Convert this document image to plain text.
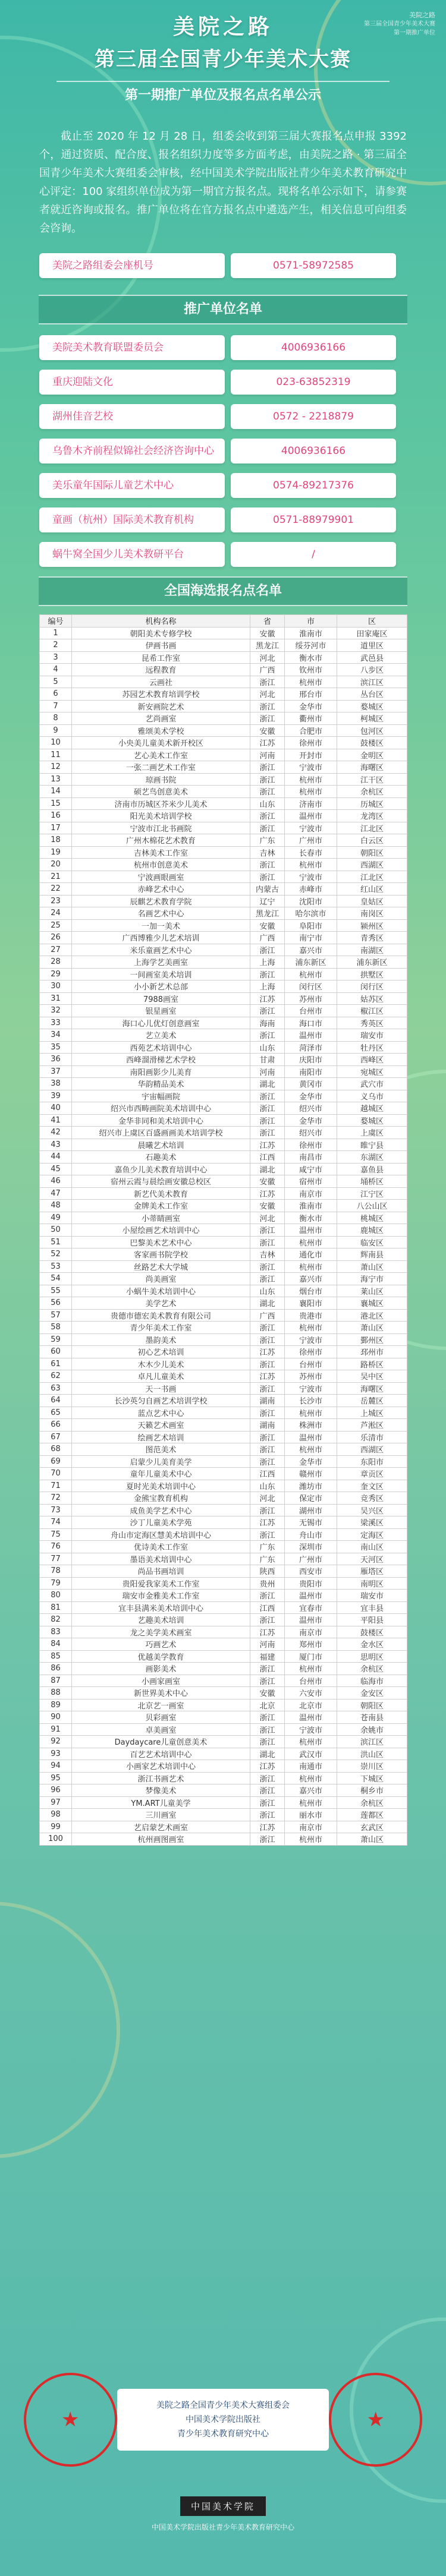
美院之路
第三届全国青少年美术大赛
第一期推广单位
美院之路
第三届全国青少年美术大赛
第一期推广单位及报名点名单公示
截止至 2020 年 12 月 28 日，组委会收到第三届大赛报名点申报 3392 个，通过资质、配合度、报名组织力度等多方面考虑，由美院之路 · 第三届全国青少年美术大赛组委会审核，经中国美术学院出版社青少年美术教育研究中心评定：100 家组织单位成为第一期官方报名点。现将名单公示如下，请参赛者就近咨询或报名。推广单位将在官方报名点中遴选产生，相关信息可向组委会咨询。
美院之路组委会座机号	0571-58972585
推广单位名单
美院美术教育联盟委员会	4006936166
重庆迎陆文化	023-63852319
湖州佳音艺校	0572 - 2218879
乌鲁木齐前程似锦社会经济咨询中心	4006936166
美乐童年国际儿童艺术中心	0574-89217376
童画（杭州）国际美术教育机构	0571-88979901
蜗牛窝全国少儿美术教研平台	/
全国海选报名点名单
编号	机构名称	省	市	区
1	朝阳美术专修学校	安徽	淮南市	田家庵区
2	伊画书画	黑龙江	绥芬河市	道里区
3	昆希工作室	河北	衡水市	武邑县
4	远程教育	广西	钦州市	八步区
5	云画社	浙江	杭州市	滨江区
6	苏园艺术教育培训学校	河北	邢台市	丛台区
7	新安画院艺术	浙江	金华市	婺城区
8	艺尚画室	浙江	衢州市	柯城区
9	雅颂美术学校	安徽	合肥市	包河区
10	小央美儿童美术新开校区	江苏	徐州市	鼓楼区
11	艺心美术工作室	河南	开封市	金明区
12	一张二画艺术工作室	浙江	宁波市	海曙区
13	琼画书院	浙江	杭州市	江干区
14	硕艺鸟创意美术	浙江	杭州市	余杭区
15	济南市历城区芥米少儿美术	山东	济南市	历城区
16	阳光美术培训学校	浙江	温州市	龙湾区
17	宁波市江北书画院	浙江	宁波市	江北区
18	广州木棉花艺术教育	广东	广州市	白云区
19	吉林美术工作室	吉林	长春市	朝阳区
20	杭州市创意美术	浙江	杭州市	西湖区
21	宁波画眼画室	浙江	宁波市	江北区
22	赤峰艺术中心	内蒙古	赤峰市	红山区
23	辰麒艺术教育学院	辽宁	沈阳市	皇姑区
24	名画艺术中心	黑龙江	哈尔滨市	南岗区
25	一加一美术	安徽	阜阳市	颍州区
26	广西博雅少儿艺术培训	广西	南宁市	青秀区
27	米乐童画艺术中心	浙江	嘉兴市	南湖区
28	上海学艺美画室	上海	浦东新区	浦东新区
29	一间画室美术培训	浙江	杭州市	拱墅区
30	小小新艺术总部	上海	闵行区	闵行区
31	7988画室	江苏	苏州市	姑苏区
32	银星画室	浙江	台州市	椒江区
33	海口心儿优灯创意画室	海南	海口市	秀英区
34	艺立美术	浙江	温州市	瑞安市
35	西苑艺术培训中心	山东	菏泽市	牡丹区
36	西峰溜滑梯艺术学校	甘肃	庆阳市	西峰区
37	南阳画影少儿美育	河南	南阳市	宛城区
38	华韵精品美术	湖北	黄冈市	武穴市
39	宇宙幅画院	浙江	金华市	义乌市
40	绍兴市西畴画院美术培训中心	浙江	绍兴市	越城区
41	金华非同和美术培训中心	浙江	金华市	婺城区
42	绍兴市上虞区百盛画画美术培训学校	浙江	绍兴市	上虞区
43	晨曦艺术培训	江苏	徐州市	睢宁县
44	石趣美术	江西	南昌市	东湖区
45	嘉鱼少儿美术教育培训中心	湖北	咸宁市	嘉鱼县
46	宿州云霞与晨绘画安徽总校区	安徽	宿州市	埇桥区
47	新艺代美术教育	江苏	南京市	江宁区
48	金牌美术工作室	安徽	淮南市	八公山区
49	小蒂睛画室	河北	衡水市	桃城区
50	小屋绘画艺术培训中心	浙江	温州市	鹿城区
51	巴黎美术艺术中心	浙江	杭州市	临安区
52	客家画书院学校	吉林	通化市	辉南县
53	丝路艺术大学城	浙江	杭州市	萧山区
54	尚美画室	浙江	嘉兴市	海宁市
55	小蜗牛美术培训中心	山东	烟台市	莱山区
56	美学艺术	湖北	襄阳市	襄城区
57	贵德市德宏美术教育有限公司	广西	贵港市	港北区
58	青少年美术工作室	浙江	杭州市	萧山区
59	墨韵美术	浙江	宁波市	鄞州区
60	初心艺术培训	江苏	徐州市	邳州市
61	木木少儿美术	浙江	台州市	路桥区
62	卓凡儿童美术	江苏	苏州市	吴中区
63	天一书画	浙江	宁波市	海曙区
64	长沙英匀自画艺术培训学校	湖南	长沙市	岳麓区
65	蓝点艺术中心	浙江	杭州市	上城区
66	天籁艺术画室	湖南	株洲市	芦淞区
67	绘画艺术培训	浙江	温州市	乐清市
68	图范美术	浙江	杭州市	西湖区
69	启蒙少儿美育美学	浙江	金华市	东阳市
70	童年儿童美术中心	江西	赣州市	章贡区
71	夏时光美术培训中心	山东	潍坊市	奎文区
72	金熊宝教育机构	河北	保定市	竞秀区
73	成鱼美学艺术中心	浙江	湖州市	吴兴区
74	沙丁儿童美术学苑	江苏	无锡市	梁溪区
75	舟山市定海区慧美术培训中心	浙江	舟山市	定海区
76	优诗美术工作室	广东	深圳市	南山区
77	墨语美术培训中心	广东	广州市	天河区
78	尚品书画培训	陕西	西安市	雁塔区
79	贵阳爱我家美术工作室	贵州	贵阳市	南明区
80	瑞安市金雅美术工作室	浙江	温州市	瑞安市
81	宜丰县满米美术培训中心	江西	宜春市	宜丰县
82	艺趣美术培训	浙江	温州市	平阳县
83	龙之美学美术画室	江苏	南京市	鼓楼区
84	巧画艺术	河南	郑州市	金水区
85	优越美学教育	福建	厦门市	思明区
86	画影美术	浙江	杭州市	余杭区
87	小画家画室	浙江	台州市	临海市
88	新世界美术中心	安徽	六安市	金安区
89	北京艺一画室	北京	北京市	朝阳区
90	贝彩画室	浙江	温州市	苍南县
91	卓美画室	浙江	宁波市	余姚市
92	Daydaycare儿童创意美术	浙江	杭州市	滨江区
93	百艺艺术培训中心	湖北	武汉市	洪山区
94	小画家艺术培训中心	江苏	南通市	崇川区
95	浙江书画艺术	浙江	杭州市	下城区
96	梦像美术	浙江	嘉兴市	桐乡市
97	YM.ART儿童美学	浙江	杭州市	余杭区
98	三川画室	浙江	丽水市	莲都区
99	艺启蒙艺术画室	江苏	南京市	玄武区
100	杭州画图画室	浙江	杭州市	萧山区
★
美院之路全国青少年美术大赛组委会
中国美术学院出版社
青少年美术教育研究中心
★
中国美术学院
中国美术学院出版社青少年美术教育研究中心
